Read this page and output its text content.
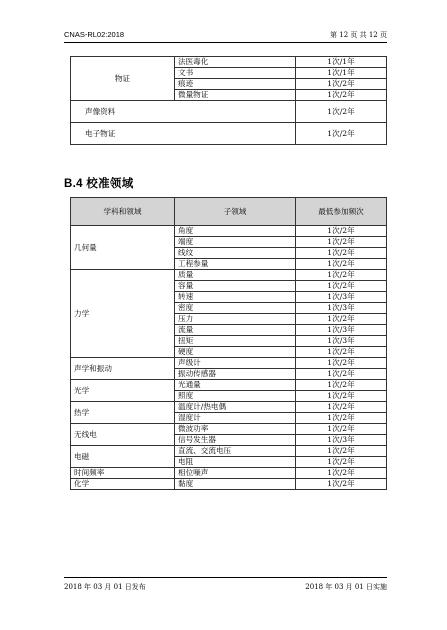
CNAS-RL02:2018	第 12 页 共 12 页
物证	法医毒化	1次/1年
	文书	1次/1年
	痕迹	1次/2年
	微量物证	1次/2年
声像资料		1次/2年
电子物证		1次/2年
B.4 校准领域
学科和领域	子领域	最低参加频次
几何量	角度	1次/2年
	端度	1次/2年
	线纹	1次/2年
	工程参量	1次/2年
力学	质量	1次/2年
	容量	1次/2年
	转速	1次/3年
	密度	1次/3年
	压力	1次/2年
	流量	1次/3年
	扭矩	1次/3年
	硬度	1次/2年
声学和振动	声级计	1次/2年
	振动传感器	1次/2年
光学	光通量	1次/2年
	照度	1次/2年
热学	温度计/热电偶	1次/2年
	湿度计	1次/2年
无线电	微波功率	1次/2年
	信号发生器	1次/3年
电磁	直流、交流电压	1次/2年
	电阻	1次/2年
时间频率	相位噪声	1次/2年
化学	黏度	1次/2年
2018 年 03 月 01 日发布	2018 年 03 月 01 日实施
